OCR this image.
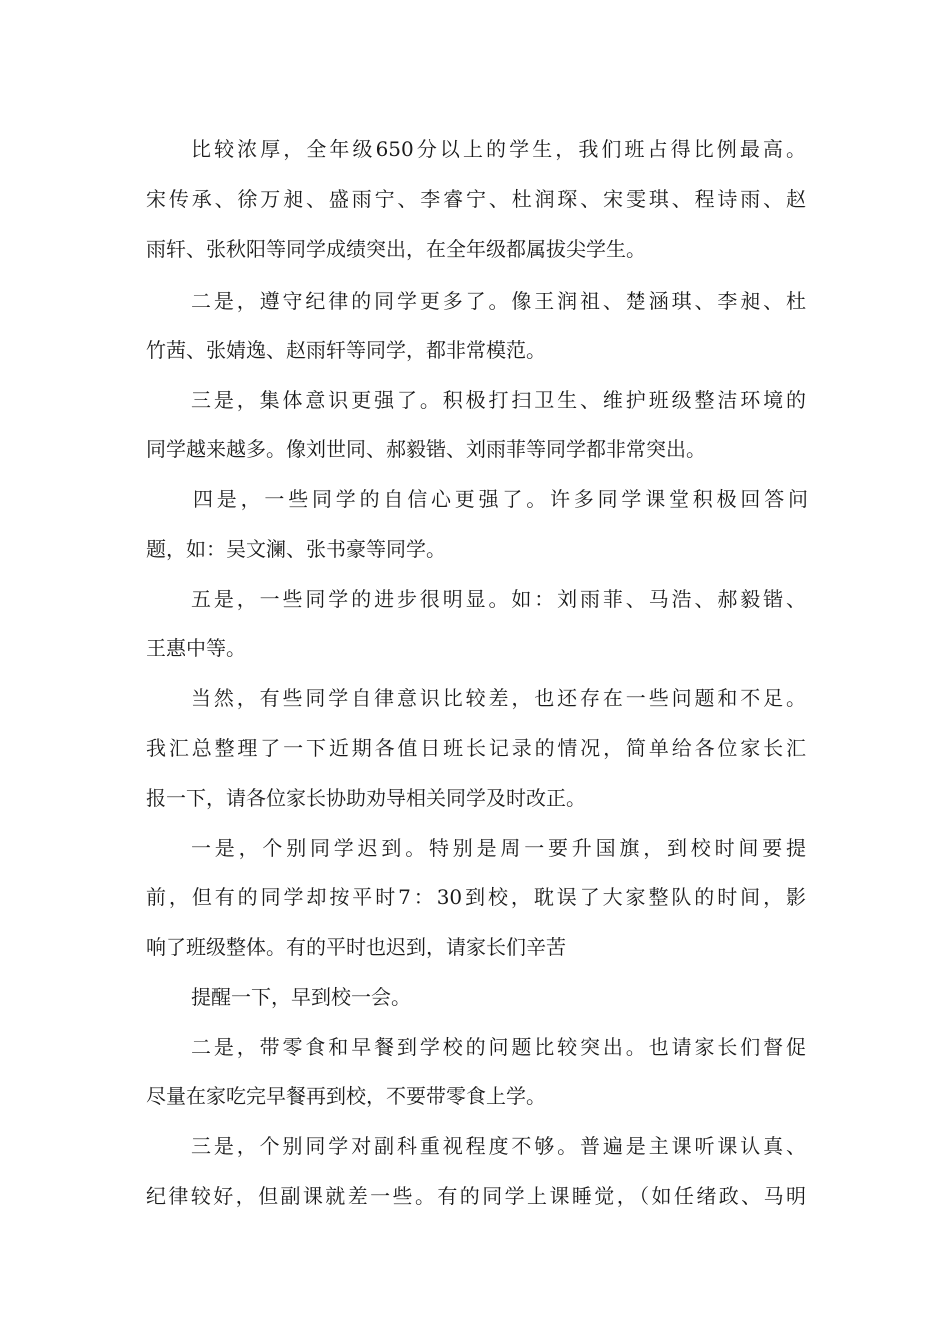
比较浓厚，全年级650分以上的学生，我们班占得比例最高。
宋传承、徐万昶、盛雨宁、李睿宁、杜润琛、宋雯琪、程诗雨、赵
雨轩、张秋阳等同学成绩突出，在全年级都属拔尖学生。
二是，遵守纪律的同学更多了。像王润祖、楚涵琪、李昶、杜
竹茜、张婧逸、赵雨轩等同学，都非常模范。
三是，集体意识更强了。积极打扫卫生、维护班级整洁环境的
同学越来越多。像刘世同、郝毅锴、刘雨菲等同学都非常突出。
四是，一些同学的自信心更强了。许多同学课堂积极回答问
题，如：吴文澜、张书豪等同学。
五是，一些同学的进步很明显。如：刘雨菲、马浩、郝毅锴、
王惠中等。
当然，有些同学自律意识比较差，也还存在一些问题和不足。
我汇总整理了一下近期各值日班长记录的情况，简单给各位家长汇
报一下，请各位家长协助劝导相关同学及时改正。
一是，个别同学迟到。特别是周一要升国旗，到校时间要提
前，但有的同学却按平时7：30到校，耽误了大家整队的时间，影
响了班级整体。有的平时也迟到，请家长们辛苦
提醒一下，早到校一会。
二是，带零食和早餐到学校的问题比较突出。也请家长们督促
尽量在家吃完早餐再到校，不要带零食上学。
三是，个别同学对副科重视程度不够。普遍是主课听课认真、
纪律较好，但副课就差一些。有的同学上课睡觉，（如任绪政、马明
